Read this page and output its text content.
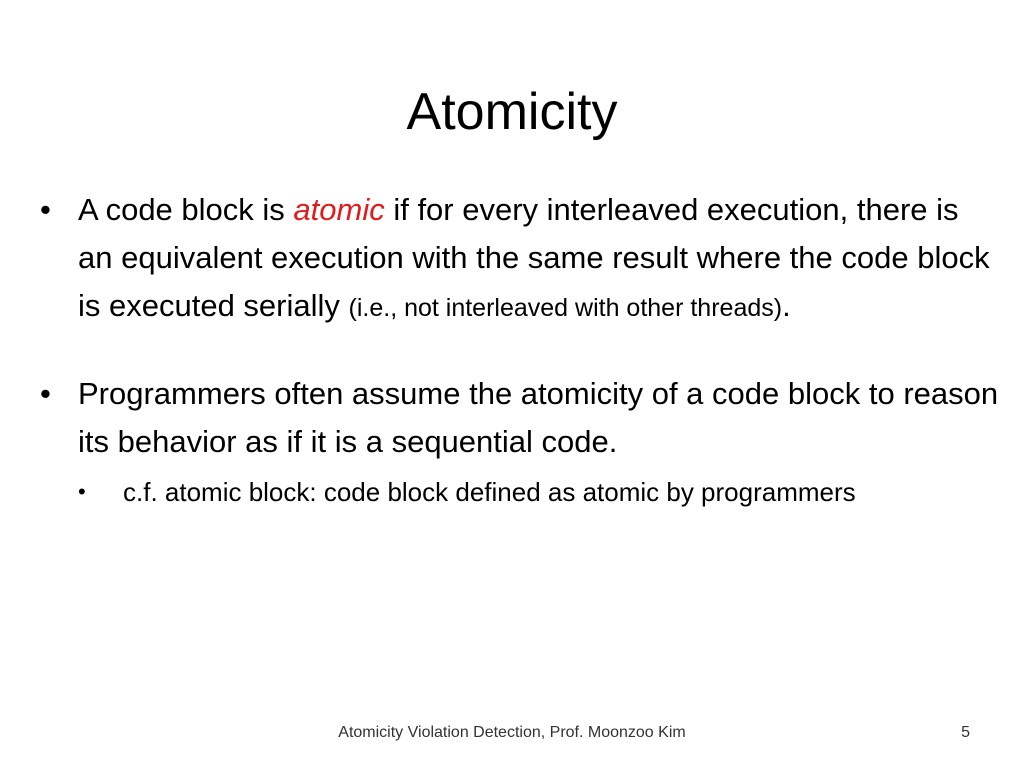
Atomicity
• A code block is atomic if for every interleaved execution, there is an equivalent execution with the same result where the code block is executed serially (i.e., not interleaved with other threads).
• Programmers often assume the atomicity of a code block to reason its behavior as if it is a sequential code.
•	c.f. atomic block: code block defined as atomic by programmers
Atomicity Violation Detection, Prof. Moonzoo Kim	5
